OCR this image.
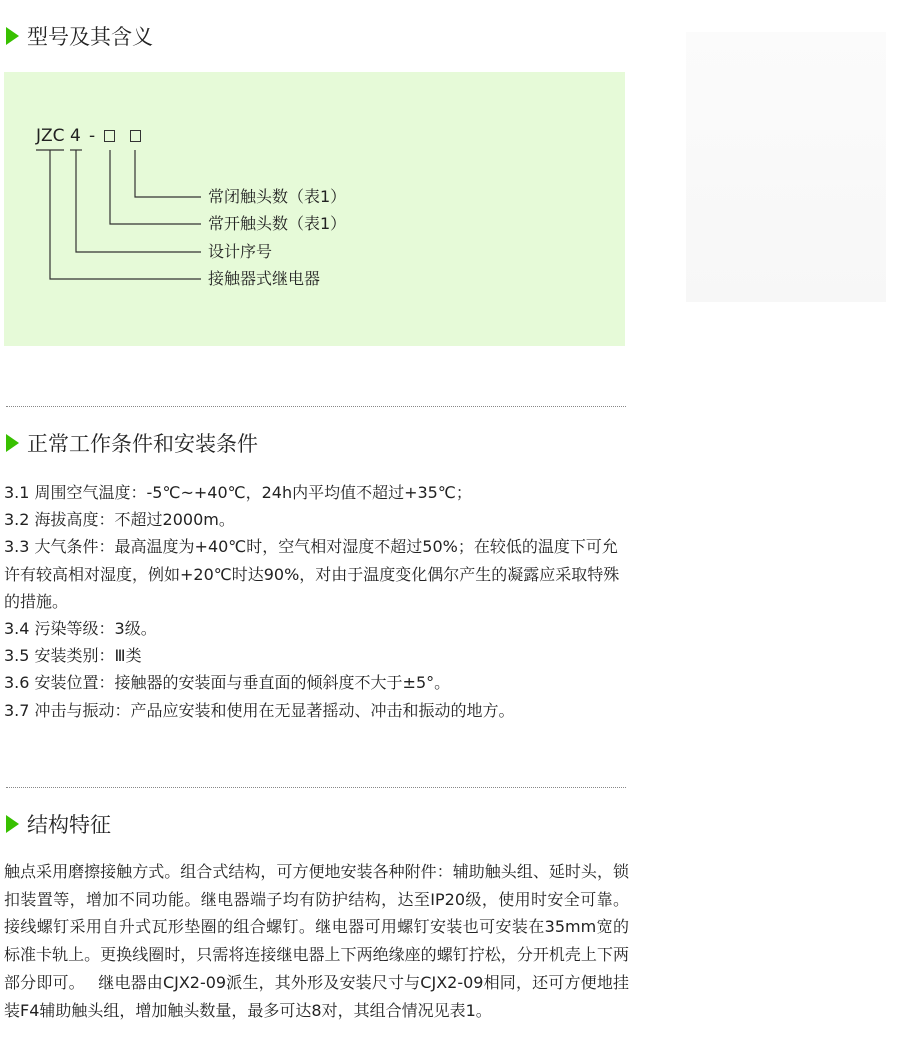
型号及其含义
JZC 4 -
常闭触头数（表1）
常开触头数（表1）
设计序号
接触器式继电器
正常工作条件和安装条件
3.1 周围空气温度：-5℃~+40℃，24h内平均值不超过+35℃；
3.2 海拔高度：不超过2000m。
3.3 大气条件：最高温度为+40℃时，空气相对湿度不超过50%；在较低的温度下可允许有较高相对湿度，例如+20℃时达90%，对由于温度变化偶尔产生的凝露应采取特殊的措施。
3.4 污染等级：3级。
3.5 安装类别：Ⅲ类
3.6 安装位置：接触器的安装面与垂直面的倾斜度不大于±5°。
3.7 冲击与振动：产品应安装和使用在无显著摇动、冲击和振动的地方。
结构特征

触点采用磨擦接触方式。组合式结构，可方便地安装各种附件：辅助触头组、延时头，锁扣装置等，增加不同功能。继电器端子均有防护结构，达至IP20级，使用时安全可靠。接线螺钉采用自升式瓦形垫圈的组合螺钉。继电器可用螺钉安装也可安装在35mm宽的标准卡轨上。更换线圈时，只需将连接继电器上下两绝缘座的螺钉拧松，分开机壳上下两部分即可。　 继电器由CJX2-09派生，其外形及安装尺寸与CJX2-09相同，还可方便地挂装F4辅助触头组，增加触头数量，最多可达8对，其组合情况见表1。
